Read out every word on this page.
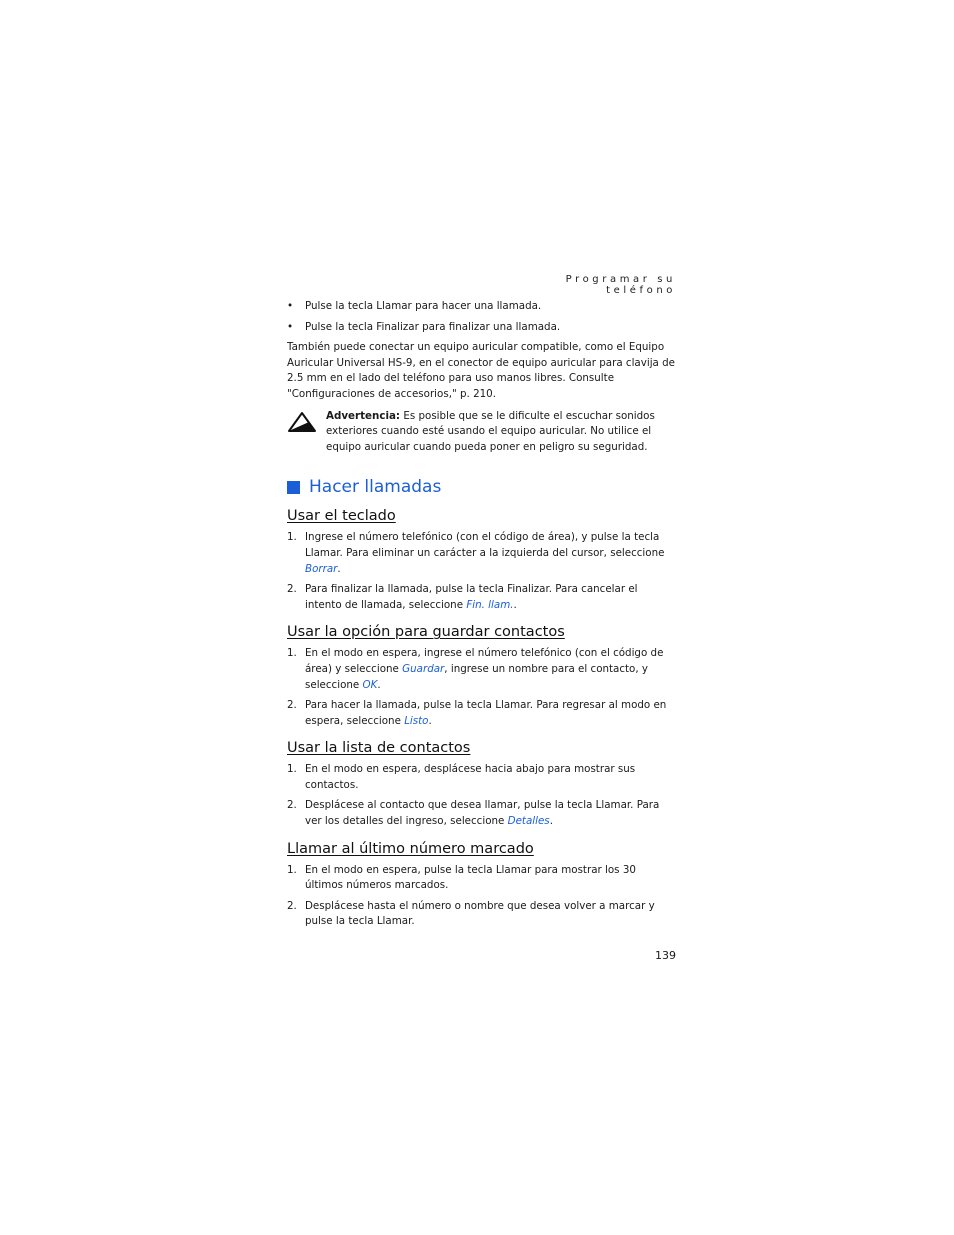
Programar su teléfono
• Pulse la tecla Llamar para hacer una llamada.
• Pulse la tecla Finalizar para finalizar una llamada.

También puede conectar un equipo auricular compatible, como el Equipo Auricular Universal HS-9, en el conector de equipo auricular para clavija de 2.5 mm en el lado del teléfono para uso manos libres. Consulte "Configuraciones de accesorios," p. 210.

Advertencia: Es posible que se le dificulte el escuchar sonidos exteriores cuando esté usando el equipo auricular. No utilice el equipo auricular cuando pueda poner en peligro su seguridad.
Hacer llamadas
Usar el teclado
1. Ingrese el número telefónico (con el código de área), y pulse la tecla Llamar. Para eliminar un carácter a la izquierda del cursor, seleccione Borrar.
2. Para finalizar la llamada, pulse la tecla Finalizar. Para cancelar el intento de llamada, seleccione Fin. llam..
Usar la opción para guardar contactos
1. En el modo en espera, ingrese el número telefónico (con el código de área) y seleccione Guardar, ingrese un nombre para el contacto, y seleccione OK.
2. Para hacer la llamada, pulse la tecla Llamar. Para regresar al modo en espera, seleccione Listo.
Usar la lista de contactos
1. En el modo en espera, desplácese hacia abajo para mostrar sus contactos.
2. Desplácese al contacto que desea llamar, pulse la tecla Llamar. Para ver los detalles del ingreso, seleccione Detalles.
Llamar al último número marcado
1. En el modo en espera, pulse la tecla Llamar para mostrar los 30 últimos números marcados.
2. Desplácese hasta el número o nombre que desea volver a marcar y pulse la tecla Llamar.
139
